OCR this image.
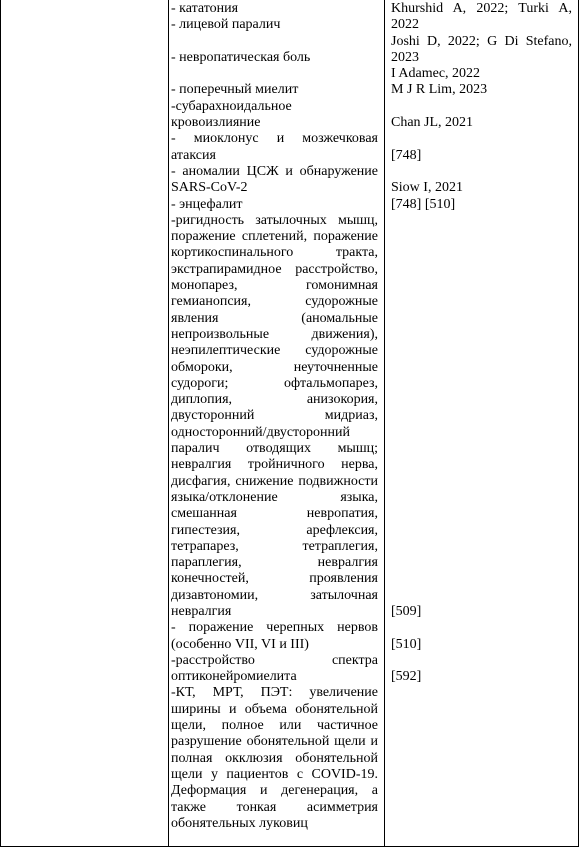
- кататония

- лицевой паралич

- невропатическая боль

- поперечный миелит

-субарахноидальное кровоизлияние

- миоклонус и мозжечковая атаксия

- аномалии ЦСЖ и обнаружение SARS-CoV-2

- энцефалит

-ригидность затылочных мышц, поражение сплетений, поражение кортикоспинального тракта, экстрапирамидное расстройство, монопарез, гомонимная гемианопсия, судорожные явления (аномальные непроизвольные движения), неэпилептические судорожные обмороки, неуточненные судороги; офтальмопарез, диплопия, анизокория, двусторонний мидриаз, односторонний/двусторонний паралич отводящих мышц; невралгия тройничного нерва, дисфагия, снижение подвижности языка/отклонение языка, смешанная невропатия, гипестезия, арефлексия, тетрапарез, тетраплегия, параплегия, невралгия конечностей, проявления дизавтономии, затылочная невралгия

- поражение черепных нервов (особенно VII, VI и III)

-расстройство спектра оптиконейромиелита

-КТ, МРТ, ПЭТ: увеличение ширины и объема обонятельной щели, полное или частичное разрушение обонятельной щели и полная окклюзия обонятельной щели у пациентов с COVID-19. Деформация и дегенерация, а также тонкая асимметрия обонятельных луковиц

Khurshid A, 2022; Turki A, 2022

Joshi D, 2022; G Di Stefano, 2023

I Adamec, 2022

M J R Lim, 2023

Chan JL, 2021

[748]

Siow I, 2021

[748] [510]

[509]

[510]

[592]
